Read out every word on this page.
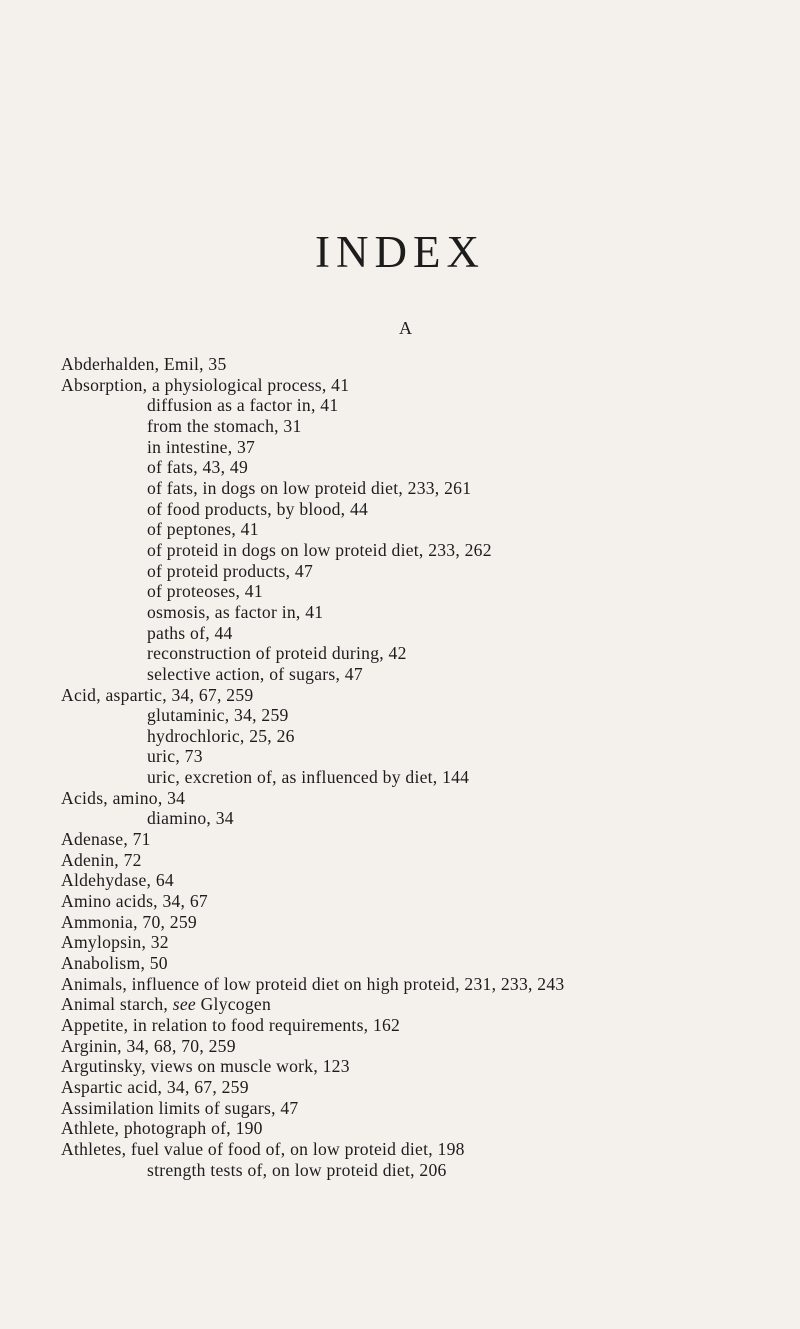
INDEX
A
Abderhalden, Emil, 35
Absorption, a physiological process, 41
diffusion as a factor in, 41
from the stomach, 31
in intestine, 37
of fats, 43, 49
of fats, in dogs on low proteid diet, 233, 261
of food products, by blood, 44
of peptones, 41
of proteid in dogs on low proteid diet, 233, 262
of proteid products, 47
of proteoses, 41
osmosis, as factor in, 41
paths of, 44
reconstruction of proteid during, 42
selective action, of sugars, 47
Acid, aspartic, 34, 67, 259
glutaminic, 34, 259
hydrochloric, 25, 26
uric, 73
uric, excretion of, as influenced by diet, 144
Acids, amino, 34
diamino, 34
Adenase, 71
Adenin, 72
Aldehydase, 64
Amino acids, 34, 67
Ammonia, 70, 259
Amylopsin, 32
Anabolism, 50
Animals, influence of low proteid diet on high proteid, 231, 233, 243
Animal starch, see Glycogen
Appetite, in relation to food requirements, 162
Arginin, 34, 68, 70, 259
Argutinsky, views on muscle work, 123
Aspartic acid, 34, 67, 259
Assimilation limits of sugars, 47
Athlete, photograph of, 190
Athletes, fuel value of food of, on low proteid diet, 198
strength tests of, on low proteid diet, 206
